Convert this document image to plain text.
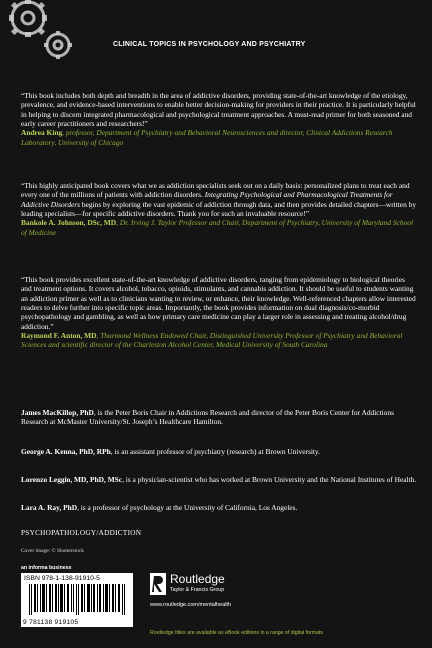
CLINICAL TOPICS IN PSYCHOLOGY AND PSYCHIATRY

“This book includes both depth and breadth in the area of addictive disorders, providing state-of-the-art knowledge of the etiology, prevalence, and evidence-based interventions to enable better decision-making for providers in their practice. It is particularly helpful in helping to discern integrated pharmacological and psychological treatment approaches. A must-read primer for both seasoned and early career practitioners and researchers!”

Andrea King, professor, Department of Psychiatry and Behavioral Neurosciences and director, Clinical Addictions Research Laboratory, University of Chicago

“This highly anticipated book covers what we as addiction specialists seek out on a daily basis: personalized plans to treat each and every one of the millions of patients with addiction disorders. Integrating Psychological and Pharmacological Treatments for Addictive Disorders begins by exploring the vast epidemic of addiction through data, and then provides detailed chapters—written by leading specialists—for specific addictive disorders. Thank you for such an invaluable resource!”

Bankole A. Johnson, DSc, MD, Dr. Irving J. Taylor Professor and Chair, Department of Psychiatry, University of Maryland School of Medicine

“This book provides excellent state-of-the-art knowledge of addictive disorders, ranging from epidemiology to biological theories and treatment options. It covers alcohol, tobacco, opioids, stimulants, and cannabis addiction. It should be useful to students wanting an addiction primer as well as to clinicians wanting to review, or enhance, their knowledge. Well-referenced chapters allow interested readers to delve further into specific topic areas. Importantly, the book provides information on dual diagnosis/co-morbid psychopathology and gambling, as well as how primary care medicine can play a larger role in assessing and treating alcohol/drug addiction.”

Raymond F. Anton, MD, Thurmond Wellness Endowed Chair, Distinguished University Professor of Psychiatry and Behavioral Sciences and scientific director of the Charleston Alcohol Center, Medical University of South Carolina

James MacKillop, PhD, is the Peter Boris Chair in Addictions Research and director of the Peter Boris Center for Addictions Research at McMaster University/St. Joseph’s Healthcare Hamilton.

George A. Kenna, PhD, RPh, is an assistant professor of psychiatry (research) at Brown University.

Lorenzo Leggio, MD, PhD, MSc, is a physician-scientist who has worked at Brown University and the National Institutes of Health.

Lara A. Ray, PhD, is a professor of psychology at the University of California, Los Angeles.

PSYCHOPATHOLOGY/ADDICTION
Cover image: © Shutterstock
an informa business
ISBN 978-1-138-91910-5
9 781138 919105
Routledge
Taylor & Francis Group
www.routledge.com/mentalhealth
Routledge titles are available as eBook editions in a range of digital formats
